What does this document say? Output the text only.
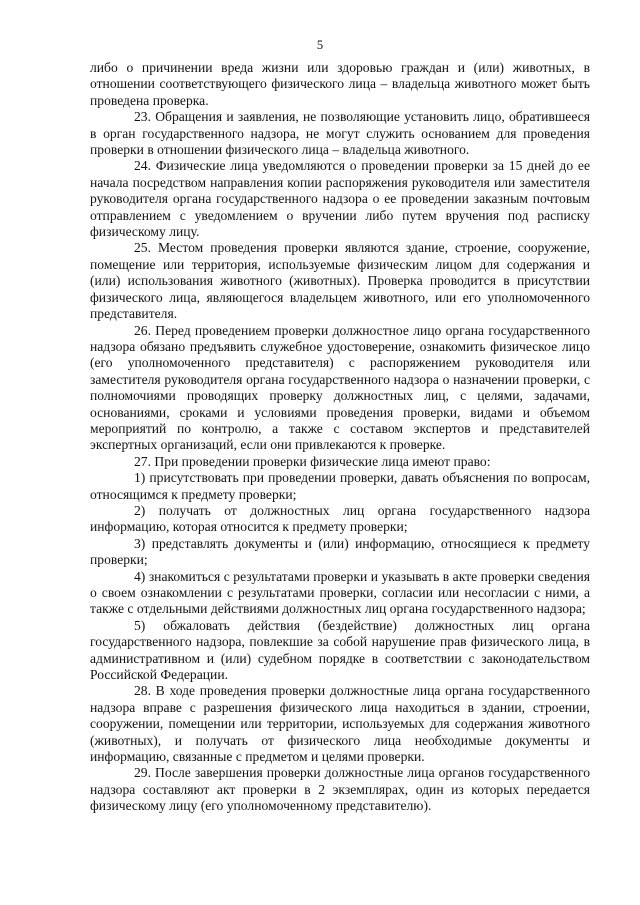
5

либо о причинении вреда жизни или здоровью граждан и (или) животных, в отношении соответствующего физического лица – владельца животного может быть проведена проверка.

23. Обращения и заявления, не позволяющие установить лицо, обратившееся в орган государственного надзора, не могут служить основанием для проведения проверки в отношении физического лица – владельца животного.

24. Физические лица уведомляются о проведении проверки за 15 дней до ее начала посредством направления копии распоряжения руководителя или заместителя руководителя органа государственного надзора о ее проведении заказным почтовым отправлением с уведомлением о вручении либо путем вручения под расписку физическому лицу.

25. Местом проведения проверки являются здание, строение, сооружение, помещение или территория, используемые физическим лицом для содержания и (или) использования животного (животных). Проверка проводится в присутствии физического лица, являющегося владельцем животного, или его уполномоченного представителя.

26. Перед проведением проверки должностное лицо органа государственного надзора обязано предъявить служебное удостоверение, ознакомить физическое лицо (его уполномоченного представителя) с распоряжением руководителя или заместителя руководителя органа государственного надзора о назначении проверки, с полномочиями проводящих проверку должностных лиц, с целями, задачами, основаниями, сроками и условиями проведения проверки, видами и объемом мероприятий по контролю, а также с составом экспертов и представителей экспертных организаций, если они привлекаются к проверке.

27. При проведении проверки физические лица имеют право:

1) присутствовать при проведении проверки, давать объяснения по вопросам, относящимся к предмету проверки;

2) получать от должностных лиц органа государственного надзора информацию, которая относится к предмету проверки;

3) представлять документы и (или) информацию, относящиеся к предмету проверки;

4) знакомиться с результатами проверки и указывать в акте проверки сведения о своем ознакомлении с результатами проверки, согласии или несогласии с ними, а также с отдельными действиями должностных лиц органа государственного надзора;

5) обжаловать действия (бездействие) должностных лиц органа государственного надзора, повлекшие за собой нарушение прав физического лица, в административном и (или) судебном порядке в соответствии с законодательством Российской Федерации.

28. В ходе проведения проверки должностные лица органа государственного надзора вправе с разрешения физического лица находиться в здании, строении, сооружении, помещении или территории, используемых для содержания животного (животных), и получать от физического лица необходимые документы и информацию, связанные с предметом и целями проверки.

29. После завершения проверки должностные лица органов государственного надзора составляют акт проверки в 2 экземплярах, один из которых передается физическому лицу (его уполномоченному представителю).
